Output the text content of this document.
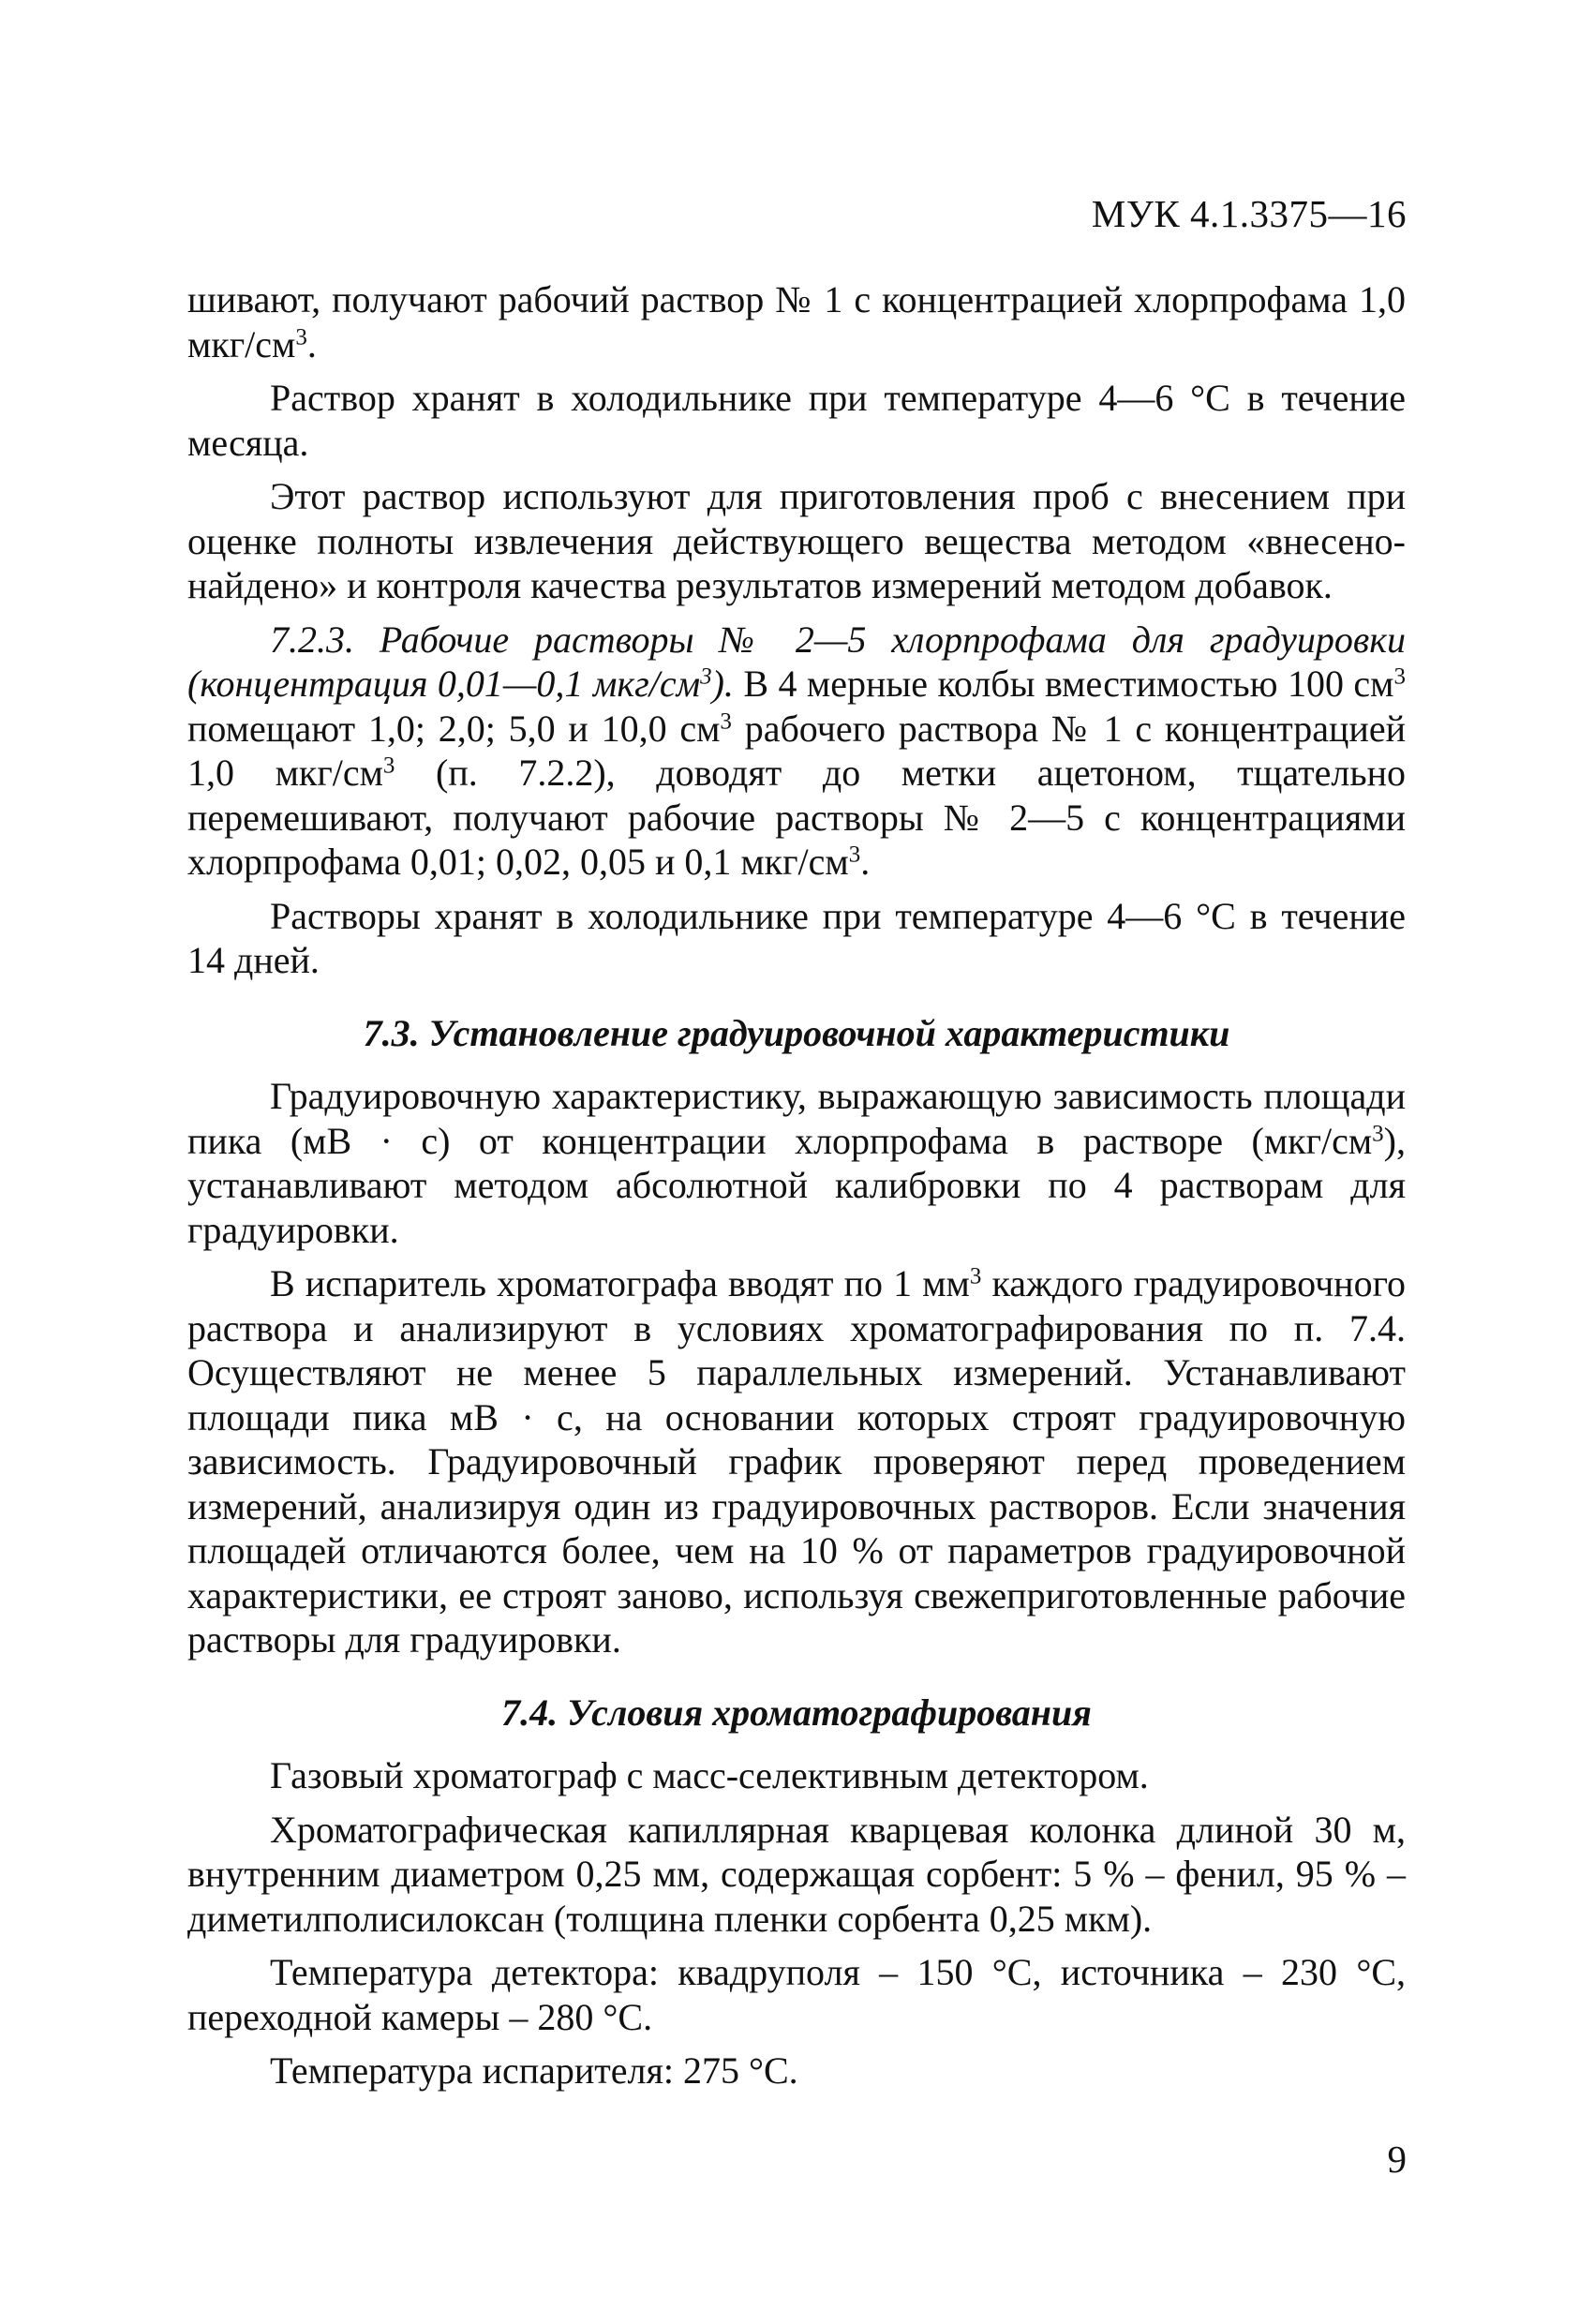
МУК 4.1.3375—16

шивают, получают рабочий раствор № 1 с концентрацией хлорпрофама 1,0 мкг/$см^3$.

Раствор хранят в холодильнике при температуре 4—6 °С в течение месяца.

Этот раствор используют для приготовления проб с внесением при оценке полноты извлечения действующего вещества методом «внесено-найдено» и контроля качества результатов измерений методом добавок.

7.2.3. Рабочие растворы № 2—5 хлорпрофама для градуировки (концентрация 0,01—0,1 мкг/$см^3$). В 4 мерные колбы вместимостью 100 $см^3$ помещают 1,0; 2,0; 5,0 и 10,0 $см^3$ рабочего раствора № 1 с концентрацией 1,0 мкг/$см^3$ (п. 7.2.2), доводят до метки ацетоном, тщательно перемешивают, получают рабочие растворы № 2—5 с концентрациями хлорпрофама 0,01; 0,02, 0,05 и 0,1 мкг/$см^3$.

Растворы хранят в холодильнике при температуре 4—6 °С в течение 14 дней.

7.3. Установление градуировочной характеристики

Градуировочную характеристику, выражающую зависимость площади пика (мВ · с) от концентрации хлорпрофама в растворе $(мкг/см^3)$, устанавливают методом абсолютной калибровки по 4 растворам для градуировки.

В испаритель хроматографа вводят по 1 $мм^3$ каждого градуировочного раствора и анализируют в условиях хроматографирования по п. 7.4. Осуществляют не менее 5 параллельных измерений. Устанавливают площади пика мВ · с, на основании которых строят градуировочную зависимость. Градуировочный график проверяют перед проведением измерений, анализируя один из градуировочных растворов. Если значения площадей отличаются более, чем на 10 % от параметров градуировочной характеристики, ее строят заново, используя свежеприготовленные рабочие растворы для градуировки.

7.4. Условия хроматографирования

Газовый хроматограф с масс-селективным детектором.

Хроматографическая капиллярная кварцевая колонка длиной 30 м, внутренним диаметром 0,25 мм, содержащая сорбент: 5 % – фенил, 95 % – диметилполисилоксан (толщина пленки сорбента 0,25 мкм).

Температура детектора: квадруполя – 150 °С, источника – 230 °С, переходной камеры – 280 °С.

Температура испарителя: 275 °С.

9
